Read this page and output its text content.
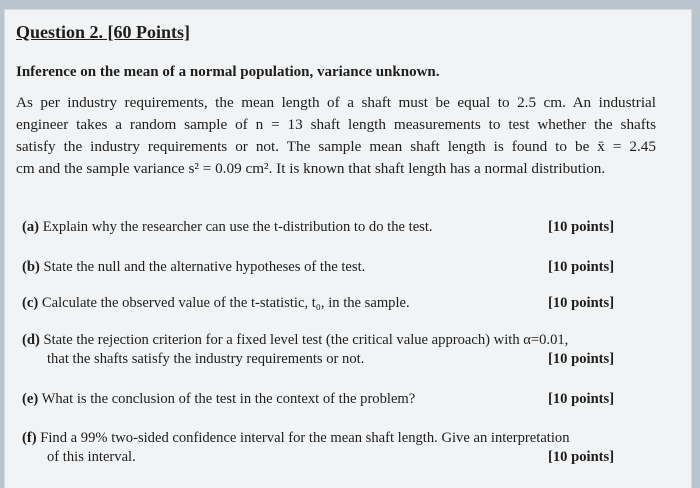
Question 2. [60 Points]
Inference on the mean of a normal population, variance unknown.
As per industry requirements, the mean length of a shaft must be equal to 2.5 cm. An industrial
engineer takes a random sample of n = 13 shaft length measurements to test whether the shafts
satisfy the industry requirements or not. The sample mean shaft length is found to be x̄ = 2.45
cm and the sample variance s² = 0.09 cm². It is known that shaft length has a normal distribution.
(a) Explain why the researcher can use the t-distribution to do the test.	[10 points]
(b) State the null and the alternative hypotheses of the test.	[10 points]
(c) Calculate the observed value of the t-statistic, t₀, in the sample.	[10 points]
(d) State the rejection criterion for a fixed level test (the critical value approach) with α=0.01,
that the shafts satisfy the industry requirements or not.	[10 points]
(e) What is the conclusion of the test in the context of the problem?	[10 points]
(f) Find a 99% two-sided confidence interval for the mean shaft length. Give an interpretation
of this interval.	[10 points]
